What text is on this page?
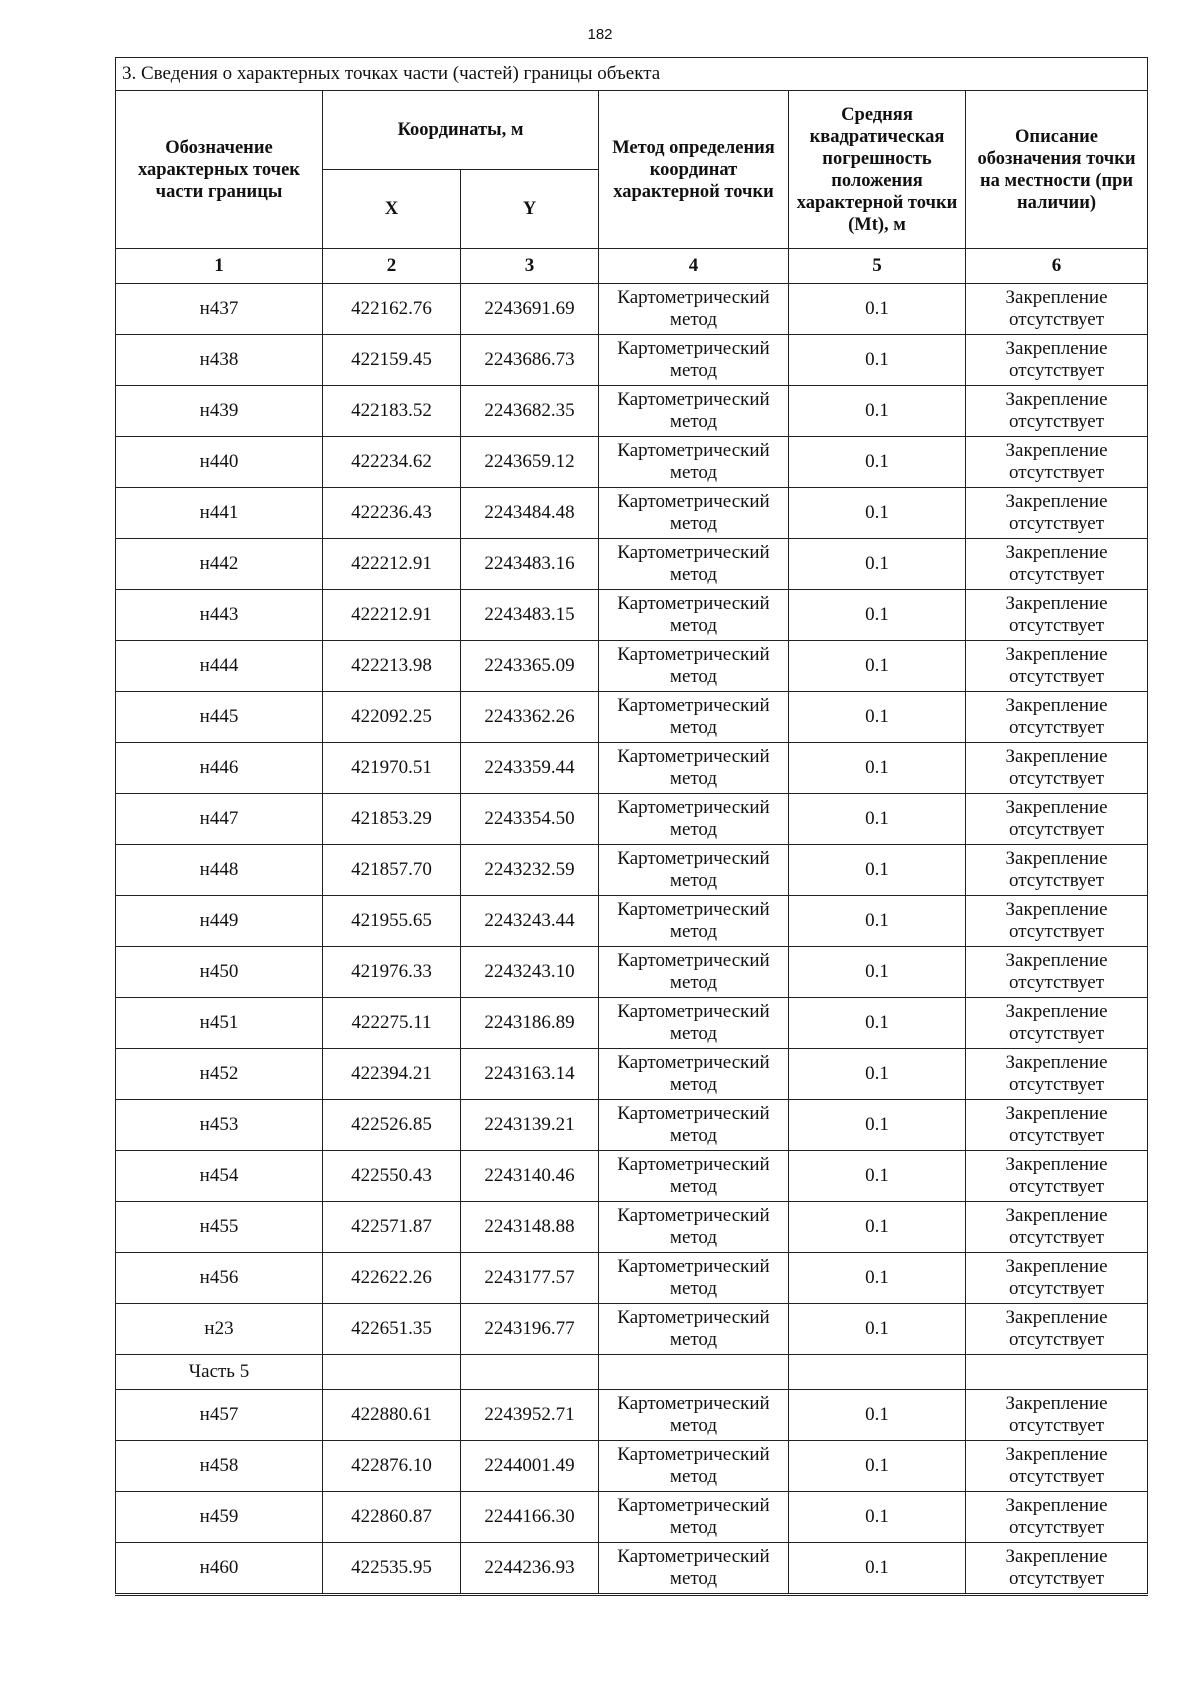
182
3. Сведения о характерных точках части (частей) границы объекта					
Обозначение характерных точек части границы	Координаты, м		Метод определения координат характерной точки	Средняя квадратическая погрешность положения характерной точки (Mt), м	Описание обозначения точки на местности (при наличии)
	X	Y			
1	2	3	4	5	6
н437	422162.76	2243691.69	Картометрический метод	0.1	Закрепление отсутствует
н438	422159.45	2243686.73	Картометрический метод	0.1	Закрепление отсутствует
н439	422183.52	2243682.35	Картометрический метод	0.1	Закрепление отсутствует
н440	422234.62	2243659.12	Картометрический метод	0.1	Закрепление отсутствует
н441	422236.43	2243484.48	Картометрический метод	0.1	Закрепление отсутствует
н442	422212.91	2243483.16	Картометрический метод	0.1	Закрепление отсутствует
н443	422212.91	2243483.15	Картометрический метод	0.1	Закрепление отсутствует
н444	422213.98	2243365.09	Картометрический метод	0.1	Закрепление отсутствует
н445	422092.25	2243362.26	Картометрический метод	0.1	Закрепление отсутствует
н446	421970.51	2243359.44	Картометрический метод	0.1	Закрепление отсутствует
н447	421853.29	2243354.50	Картометрический метод	0.1	Закрепление отсутствует
н448	421857.70	2243232.59	Картометрический метод	0.1	Закрепление отсутствует
н449	421955.65	2243243.44	Картометрический метод	0.1	Закрепление отсутствует
н450	421976.33	2243243.10	Картометрический метод	0.1	Закрепление отсутствует
н451	422275.11	2243186.89	Картометрический метод	0.1	Закрепление отсутствует
н452	422394.21	2243163.14	Картометрический метод	0.1	Закрепление отсутствует
н453	422526.85	2243139.21	Картометрический метод	0.1	Закрепление отсутствует
н454	422550.43	2243140.46	Картометрический метод	0.1	Закрепление отсутствует
н455	422571.87	2243148.88	Картометрический метод	0.1	Закрепление отсутствует
н456	422622.26	2243177.57	Картометрический метод	0.1	Закрепление отсутствует
н23	422651.35	2243196.77	Картометрический метод	0.1	Закрепление отсутствует
Часть 5					
н457	422880.61	2243952.71	Картометрический метод	0.1	Закрепление отсутствует
н458	422876.10	2244001.49	Картометрический метод	0.1	Закрепление отсутствует
н459	422860.87	2244166.30	Картометрический метод	0.1	Закрепление отсутствует
н460	422535.95	2244236.93	Картометрический метод	0.1	Закрепление отсутствует
